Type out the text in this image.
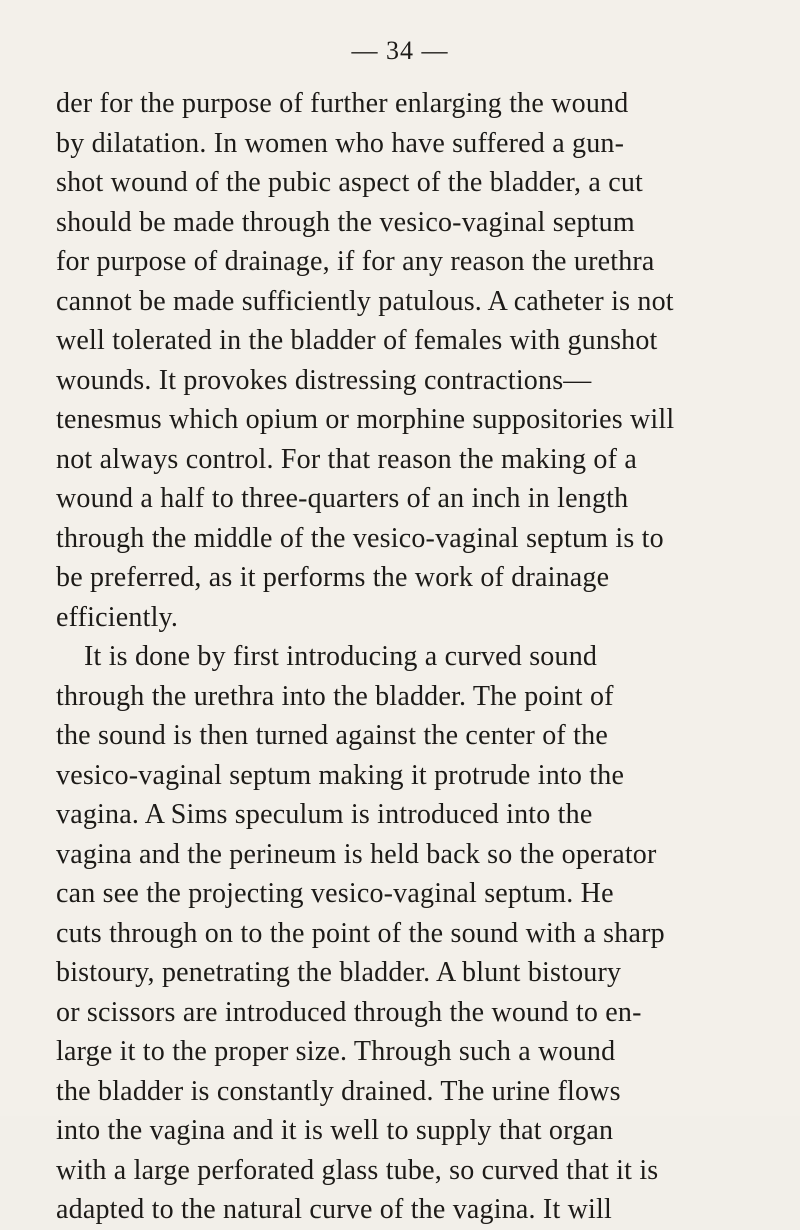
— 34 —
der for the purpose of further enlarging the wound
by dilatation. In women who have suffered a gun-
shot wound of the pubic aspect of the bladder, a cut
should be made through the vesico-vaginal septum
for purpose of drainage, if for any reason the urethra
cannot be made sufficiently patulous. A catheter is not
well tolerated in the bladder of females with gunshot
wounds. It provokes distressing contractions—
tenesmus which opium or morphine suppositories will
not always control. For that reason the making of a
wound a half to three-quarters of an inch in length
through the middle of the vesico-vaginal septum is to
be preferred, as it performs the work of drainage
efficiently.
It is done by first introducing a curved sound
through the urethra into the bladder. The point of
the sound is then turned against the center of the
vesico-vaginal septum making it protrude into the
vagina. A Sims speculum is introduced into the
vagina and the perineum is held back so the operator
can see the projecting vesico-vaginal septum. He
cuts through on to the point of the sound with a sharp
bistoury, penetrating the bladder. A blunt bistoury
or scissors are introduced through the wound to en-
large it to the proper size. Through such a wound
the bladder is constantly drained. The urine flows
into the vagina and it is well to supply that organ
with a large perforated glass tube, so curved that it is
adapted to the natural curve of the vagina. It will
